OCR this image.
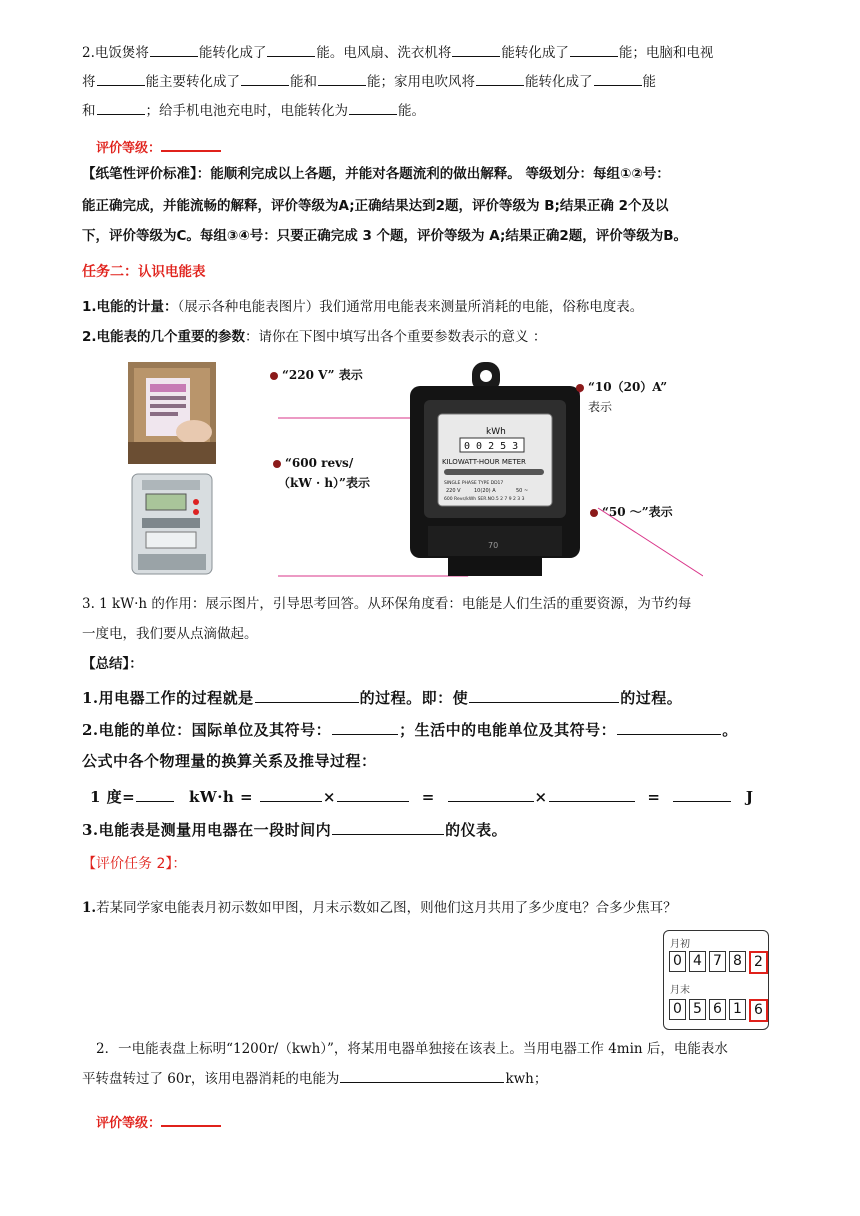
2.电饭煲将	能转化成了	能。电风扇、洗衣机将	能转化成了	能；电脑和电视
将	能主要转化成了	能和	能；家用电吹风将	能转化成了	能
和	；给手机电池充电时，电能转化为	能。
评价等级：
【纸笔性评价标准】：能顺利完成以上各题，并能对各题流利的做出解释。 等级划分：每组①②号：
能正确完成，并能流畅的解释，评价等级为A;正确结果达到2题，评价等级为 B;结果正确 2个及以
下，评价等级为C。每组③④号：只要正确完成 3 个题，评价等级为 A;结果正确2题，评价等级为B。
任务二：认识电能表
1.电能的计量：（展示各种电能表图片）我们通常用电能表来测量所消耗的电能，俗称电度表。
2.电能表的几个重要的参数：请你在下图中填写出各个重要参数表示的意义 ：
kWh
0 0 2 5 3
KILOWATT-HOUR METER
SINGLE PHASE TYPE DD17
220 V	10(20) A	50 ~
600 Revs/kWh SER.NO.5 2 7 9 2 3 3
70
“220 V” 表示
“10（20）A”
表示
“600 revs/
（kW · h）”表示
“50 ～”表示
3. 1 kW·h 的作用：展示图片，引导思考回答。从环保角度看：电能是人们生活的重要资源，为节约每
一度电，我们要从点滴做起。
【总结】：
1.用电器工作的过程就是	的过程。即：使	的过程。
2.电能的单位：国际单位及其符号：	；生活中的电能单位及其符号：	。
公式中各个物理量的换算关系及推导过程：
1 度=	kW·h =	×	=	×	=	J
3.电能表是测量用电器在一段时间内	的仪表。
【评价任务 2】：
1.若某同学家电能表月初示数如甲图，月末示数如乙图，则他们这月共用了多少度电？合多少焦耳？
月初
0 4 7 8 2
月末
0 5 6 1 6
2．一电能表盘上标明“1200r/（kwh）”，将某用电器单独接在该表上。当用电器工作 4min 后，电能表水
平转盘转过了 60r，该用电器消耗的电能为	kwh；
评价等级：
